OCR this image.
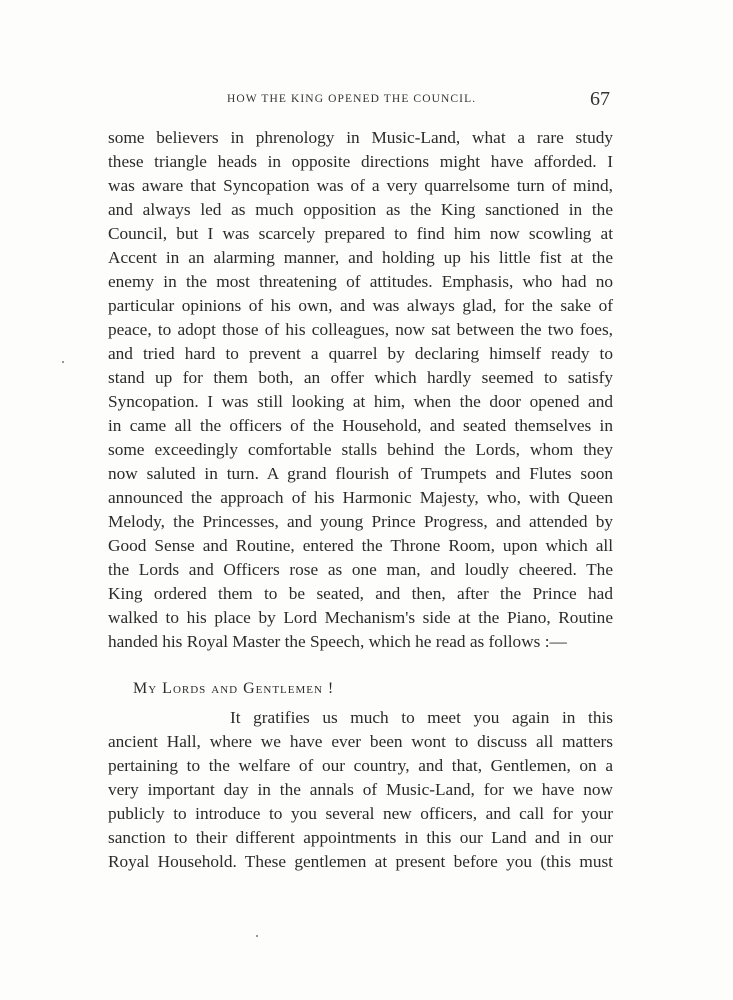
HOW THE KING OPENED THE COUNCIL.	67
some believers in phrenology in Music-Land, what a rare study
these triangle heads in opposite directions might have afforded. I
was aware that Syncopation was of a very quarrelsome turn of mind,
and always led as much opposition as the King sanctioned in the
Council, but I was scarcely prepared to find him now scowling at
Accent in an alarming manner, and holding up his little fist at the
enemy in the most threatening of attitudes. Emphasis, who had no
particular opinions of his own, and was always glad, for the sake of
peace, to adopt those of his colleagues, now sat between the two foes,
and tried hard to prevent a quarrel by declaring himself ready to
stand up for them both, an offer which hardly seemed to satisfy
Syncopation. I was still looking at him, when the door opened and
in came all the officers of the Household, and seated themselves in
some exceedingly comfortable stalls behind the Lords, whom they
now saluted in turn. A grand flourish of Trumpets and Flutes soon
announced the approach of his Harmonic Majesty, who, with Queen
Melody, the Princesses, and young Prince Progress, and attended by
Good Sense and Routine, entered the Throne Room, upon which all
the Lords and Officers rose as one man, and loudly cheered. The
King ordered them to be seated, and then, after the Prince had
walked to his place by Lord Mechanism's side at the Piano, Routine
handed his Royal Master the Speech, which he read as follows :—
My Lords and Gentlemen !
It gratifies us much to meet you again in this
ancient Hall, where we have ever been wont to discuss all matters
pertaining to the welfare of our country, and that, Gentlemen, on a
very important day in the annals of Music-Land, for we have now
publicly to introduce to you several new officers, and call for your
sanction to their different appointments in this our Land and in our
Royal Household. These gentlemen at present before you (this must
